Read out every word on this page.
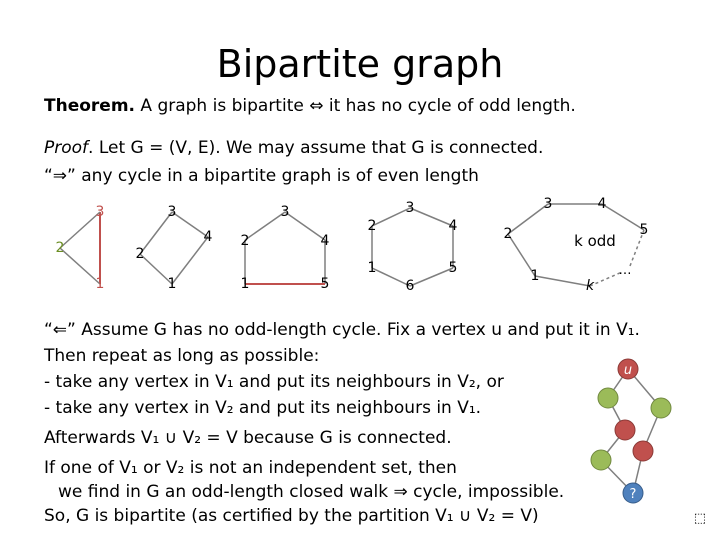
Bipartite graph
Theorem. A graph is bipartite ⇔ it has no cycle of odd length.
Proof. Let G = (V, E). We may assume that G is connected.
“⇒” any cycle in a bipartite graph is of even length
3
2
1
3
4
2
1
3
2	4
5
1
2
3
4
5
6
1
2
3	4
5
1
k
k odd
…
“⇐” Assume G has no odd-length cycle. Fix a vertex u and put it in V₁.
Then repeat as long as possible:
- take any vertex in V₁ and put its neighbours in V₂, or
- take any vertex in V₂ and put its neighbours in V₁.
Afterwards V₁ ∪ V₂ = V because G is connected.
If one of V₁ or V₂ is not an independent set, then
we find in G an odd-length closed walk ⇒ cycle, impossible.
So, G is bipartite (as certified by the partition V₁ ∪ V₂ = V)
u
?
⬚
